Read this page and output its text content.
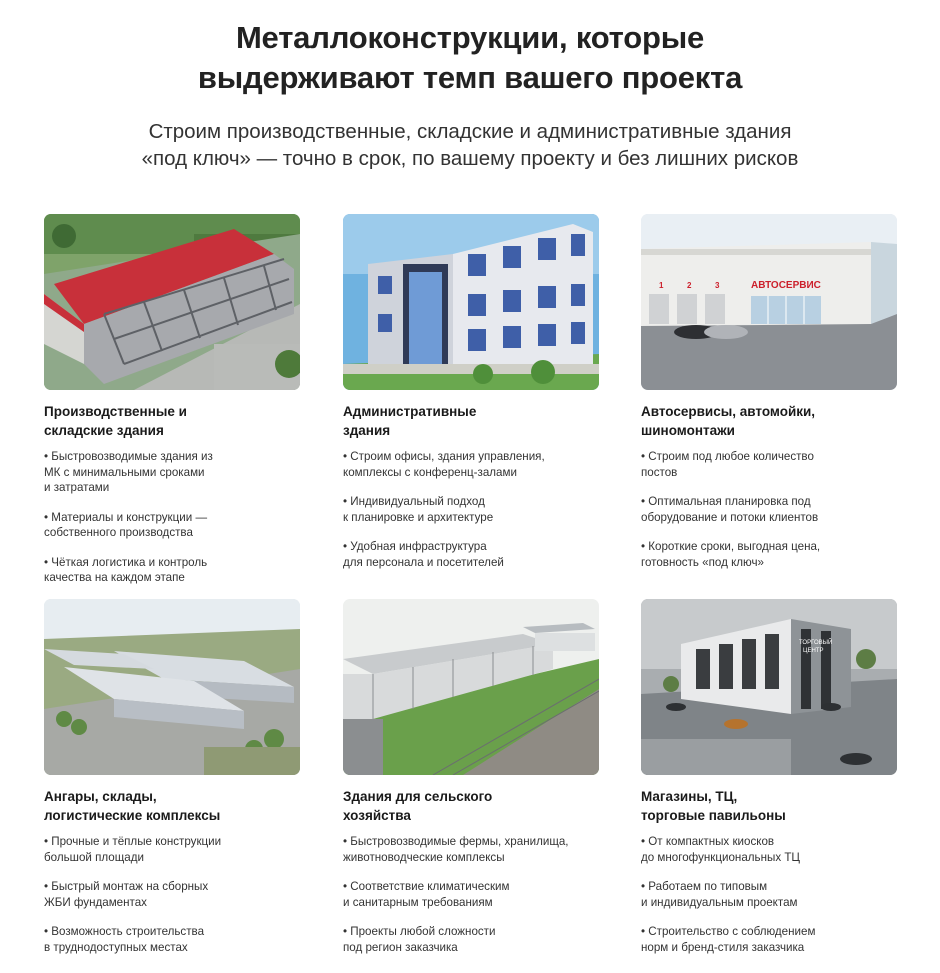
Металлоконструкции, которые
выдерживают темп вашего проекта

Строим производственные, складские и административные здания
«под ключ» — точно в срок, по вашему проекту и без лишних рисков

Производственные и
складские здания
• Быстровозводимые здания из
МК с минимальными сроками
и затратами
• Материалы и конструкции —
собственного производства
• Чёткая логистика и контроль
качества на каждом этапе
Административные
здания
• Строим офисы, здания управления,
комплексы с конференц-залами
• Индивидуальный подход
к планировке и архитектуре
• Удобная инфраструктура
для персонала и посетителей
1	2	3	АВТОСЕРВИС
Автосервисы, автомойки,
шиномонтажи
• Строим под любое количество
постов
• Оптимальная планировка под
оборудование и потоки клиентов
• Короткие сроки, выгодная цена,
готовность «под ключ»
Ангары, склады,
логистические комплексы
• Прочные и тёплые конструкции
большой площади
• Быстрый монтаж на сборных
ЖБИ фундаментах
• Возможность строительства
в труднодоступных местах
Здания для сельского
хозяйства
• Быстровозводимые фермы, хранилища,
животноводческие комплексы
• Соответствие климатическим
и санитарным требованиям
• Проекты любой сложности
под регион заказчика
ТОРГОВЫЙ
ЦЕНТР
Магазины, ТЦ,
торговые павильоны
• От компактных киосков
до многофункциональных ТЦ
• Работаем по типовым
и индивидуальным проектам
• Строительство с соблюдением
норм и бренд-стиля заказчика
